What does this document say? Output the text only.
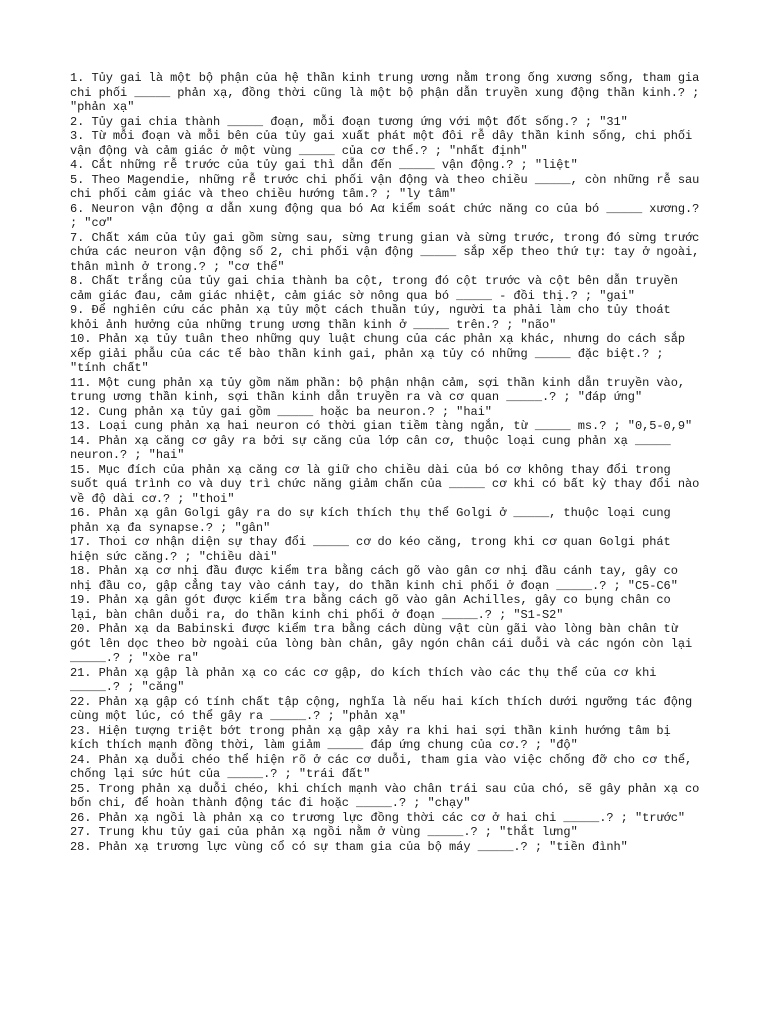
1. Tủy gai là một bộ phận của hệ thần kinh trung ương nằm trong ống xương sống, tham gia chi phối _____ phản xạ, đồng thời cũng là một bộ phận dẫn truyền xung động thần kinh.? ; "phản xạ"

2. Tủy gai chia thành _____ đoạn, mỗi đoạn tương ứng với một đốt sống.? ; "31"

3. Từ mỗi đoạn và mỗi bên của tủy gai xuất phát một đôi rễ dây thần kinh sống, chi phối vận động và cảm giác ở một vùng _____ của cơ thể.? ; "nhất định"

4. Cắt những rễ trước của tủy gai thì dẫn đến _____ vận động.? ; "liệt"

5. Theo Magendie, những rễ trước chi phối vận động và theo chiều _____, còn những rễ sau chi phối cảm giác và theo chiều hướng tâm.? ; "ly tâm"

6. Neuron vận động α dẫn xung động qua bó Aα kiểm soát chức năng co của bó _____ xương.? ; "cơ"

7. Chất xám của tủy gai gồm sừng sau, sừng trung gian và sừng trước, trong đó sừng trước chứa các neuron vận động số 2, chi phối vận động _____ sắp xếp theo thứ tự: tay ở ngoài, thân mình ở trong.? ; "cơ thể"

8. Chất trắng của tủy gai chia thành ba cột, trong đó cột trước và cột bên dẫn truyền cảm giác đau, cảm giác nhiệt, cảm giác sờ nông qua bó _____ - đồi thị.? ; "gai"

9. Để nghiên cứu các phản xạ tủy một cách thuần túy, người ta phải làm cho tủy thoát khỏi ảnh hưởng của những trung ương thần kinh ở _____ trên.? ; "não"

10. Phản xạ tủy tuân theo những quy luật chung của các phản xạ khác, nhưng do cách sắp xếp giải phẫu của các tế bào thần kinh gai, phản xạ tủy có những _____ đặc biệt.? ; "tính chất"

11. Một cung phản xạ tủy gồm năm phần: bộ phận nhận cảm, sợi thần kinh dẫn truyền vào, trung ương thần kinh, sợi thần kinh dẫn truyền ra và cơ quan _____.? ; "đáp ứng"

12. Cung phản xạ tủy gai gồm _____ hoặc ba neuron.? ; "hai"

13. Loại cung phản xạ hai neuron có thời gian tiềm tàng ngắn, từ _____ ms.? ; "0,5-0,9"

14. Phản xạ căng cơ gây ra bởi sự căng của lớp cân cơ, thuộc loại cung phản xạ _____ neuron.? ; "hai"

15. Mục đích của phản xạ căng cơ là giữ cho chiều dài của bó cơ không thay đổi trong suốt quá trình co và duy trì chức năng giảm chấn của _____ cơ khi có bất kỳ thay đổi nào về độ dài cơ.? ; "thoi"

16. Phản xạ gân Golgi gây ra do sự kích thích thụ thể Golgi ở _____, thuộc loại cung phản xạ đa synapse.? ; "gân"

17. Thoi cơ nhận diện sự thay đổi _____ cơ do kéo căng, trong khi cơ quan Golgi phát hiện sức căng.? ; "chiều dài"

18. Phản xạ cơ nhị đầu được kiểm tra bằng cách gõ vào gân cơ nhị đầu cánh tay, gây co nhị đầu co, gập cẳng tay vào cánh tay, do thần kinh chi phối ở đoạn _____.? ; "C5-C6"

19. Phản xạ gân gót được kiểm tra bằng cách gõ vào gân Achilles, gây co bụng chân co lại, bàn chân duỗi ra, do thần kinh chi phối ở đoạn _____.? ; "S1-S2"

20. Phản xạ da Babinski được kiểm tra bằng cách dùng vật cùn gãi vào lòng bàn chân từ gót lên dọc theo bờ ngoài của lòng bàn chân, gây ngón chân cái duỗi và các ngón còn lại _____.? ; "xòe ra"

21. Phản xạ gập là phản xạ co các cơ gập, do kích thích vào các thụ thể của cơ khi _____.? ; "căng"

22. Phản xạ gập có tính chất tập cộng, nghĩa là nếu hai kích thích dưới ngưỡng tác động cùng một lúc, có thể gây ra _____.? ; "phản xạ"

23. Hiện tượng triệt bớt trong phản xạ gập xảy ra khi hai sợi thần kinh hướng tâm bị kích thích mạnh đồng thời, làm giảm _____ đáp ứng chung của cơ.? ; "độ"

24. Phản xạ duỗi chéo thể hiện rõ ở các cơ duỗi, tham gia vào việc chống đỡ cho cơ thể, chống lại sức hút của _____.? ; "trái đất"

25. Trong phản xạ duỗi chéo, khi chích mạnh vào chân trái sau của chó, sẽ gây phản xạ co bốn chi, để hoàn thành động tác đi hoặc _____.? ; "chạy"

26. Phản xạ ngồi là phản xạ co trương lực đồng thời các cơ ở hai chi _____.? ; "trước"

27. Trung khu tủy gai của phản xạ ngồi nằm ở vùng _____.? ; "thắt lưng"

28. Phản xạ trương lực vùng cổ có sự tham gia của bộ máy _____.? ; "tiền đình"
